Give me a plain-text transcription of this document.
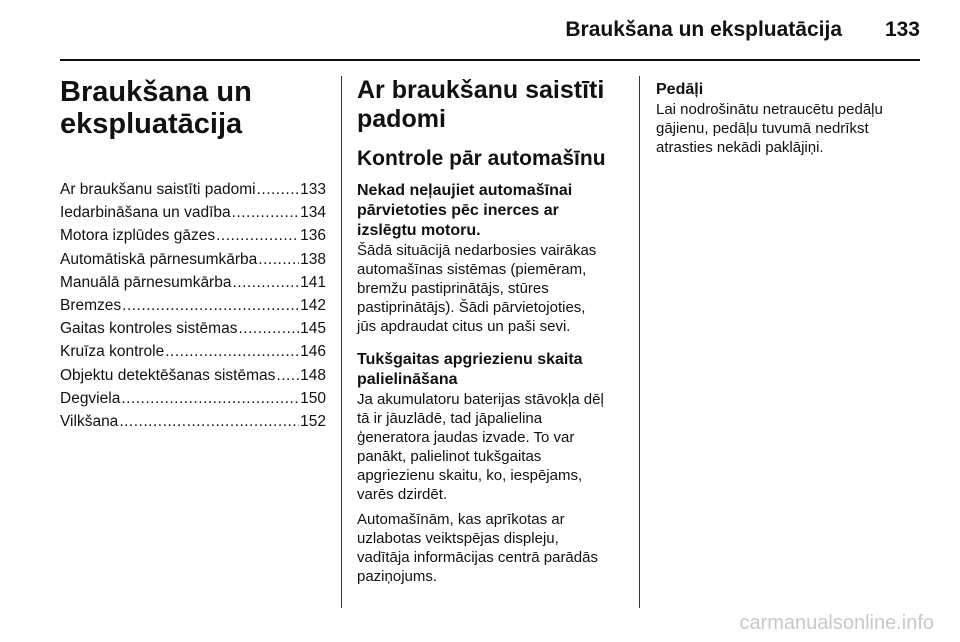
Braukšana un ekspluatācija 133
Braukšana un
ekspluatācija
Ar braukšanu saistīti padomi .....	133
Iedarbināšana un vadība .....	134
Motora izplūdes gāzes .....	136
Automātiskā pārnesumkārba .....	138
Manuālā pārnesumkārba .....	141
Bremzes .....	142
Gaitas kontroles sistēmas .....	145
Kruīza kontrole .....	146
Objektu detektēšanas sistēmas ..... 148
Degviela .....	150
Vilkšana .....	152
Ar braukšanu saistīti
padomi
Kontrole pār automašīnu
Nekad neļaujiet automašīnai
pārvietoties pēc inerces ar
izslēgtu motoru.
Šādā situācijā nedarbosies vairākas
automašīnas sistēmas (piemēram,
bremžu pastiprinātājs, stūres
pastiprinātājs). Šādi pārvietojoties,
jūs apdraudat citus un paši sevi.
Tukšgaitas apgriezienu skaita
palielināšana
Ja akumulatoru baterijas stāvokļa dēļ
tā ir jāuzlādē, tad jāpalielina
ģeneratora jaudas izvade. To var
panākt, palielinot tukšgaitas
apgriezienu skaitu, ko, iespējams,
varēs dzirdēt.
Automašīnām, kas aprīkotas ar
uzlabotas veiktspējas displeju,
vadītāja informācijas centrā parādās
paziņojums.
Pedāļi
Lai nodrošinātu netraucētu pedāļu
gājienu, pedāļu tuvumā nedrīkst
atrasties nekādi paklājiņi.
carmanualsonline.info
